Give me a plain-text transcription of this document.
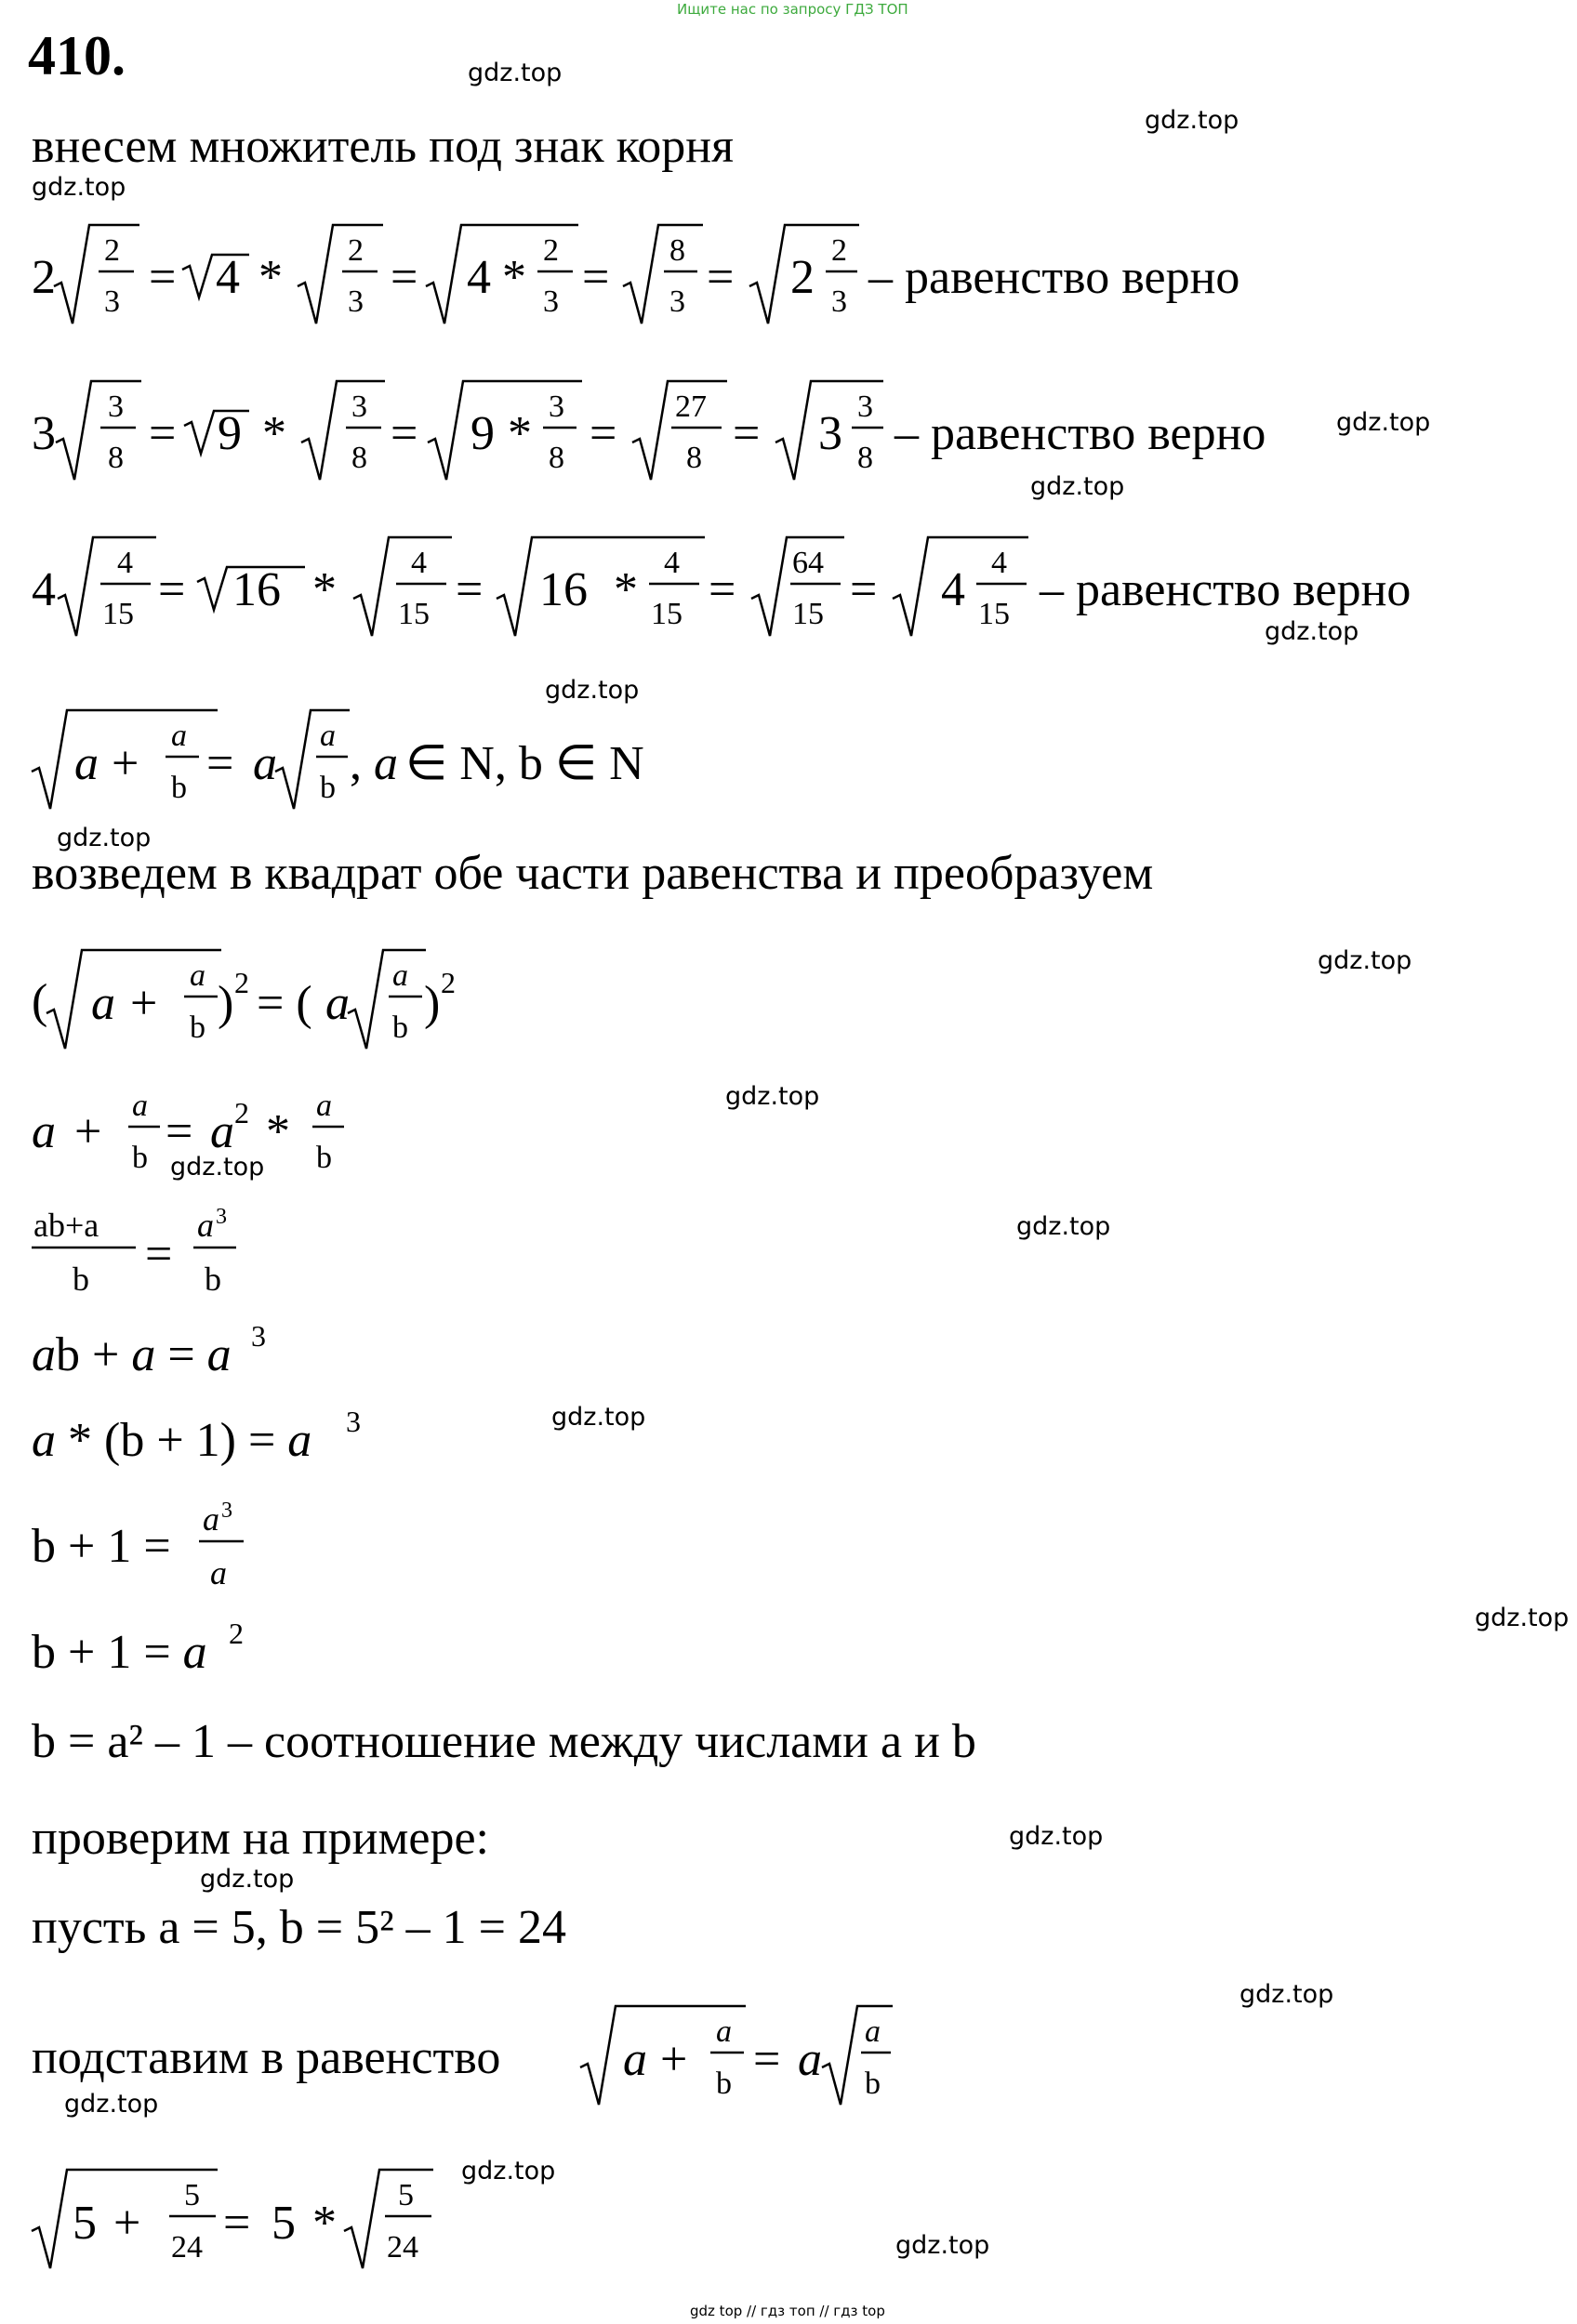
Ищите нас по запросу ГДЗ ТОП
410.	gdz.top
gdz.top
gdz.top
gdz.top
gdz.top
gdz.top
gdz.top
gdz.top
gdz.top
gdz.top
gdz.top
gdz.top
gdz.top
gdz.top
gdz.top
gdz.top
gdz.top
gdz.top
gdz.top
gdz.top
внесем множитель под знак корня
2
2
3 = 4 *
2
3 = 4 *
2
3 =
8
3 = 2
2
3 – равенство верно
3
3
8 = 9 *
3
8 = 9 *
3
8 =
27
8 = 3
3
8 – равенство верно
4
4
15 = 16 *
4
15 = 16 *
4
15 =
64
15 = 4
4
15 – равенство верно
a +
a
b = a
a
b , a ∈ N, b ∈ N
возведем в квадрат обе части равенства и преобразуем
( a +
a
b ) 2 = ( a
a
b ) 2
a + a
b = a 2 * a
b
ab+a
b =
a 3
b
ab + a = a 3
a * (b + 1) = a 3
b + 1 =
a 3
a
b + 1 = a 2
b = a² – 1 – соотношение между числами a и b
проверим на примере:
пусть a = 5, b = 5² – 1 = 24
подставим в равенство	a +
a
b = a
a
b
5 +
5
24 = 5 *
5
24
gdz top // гдз топ // гдз top
